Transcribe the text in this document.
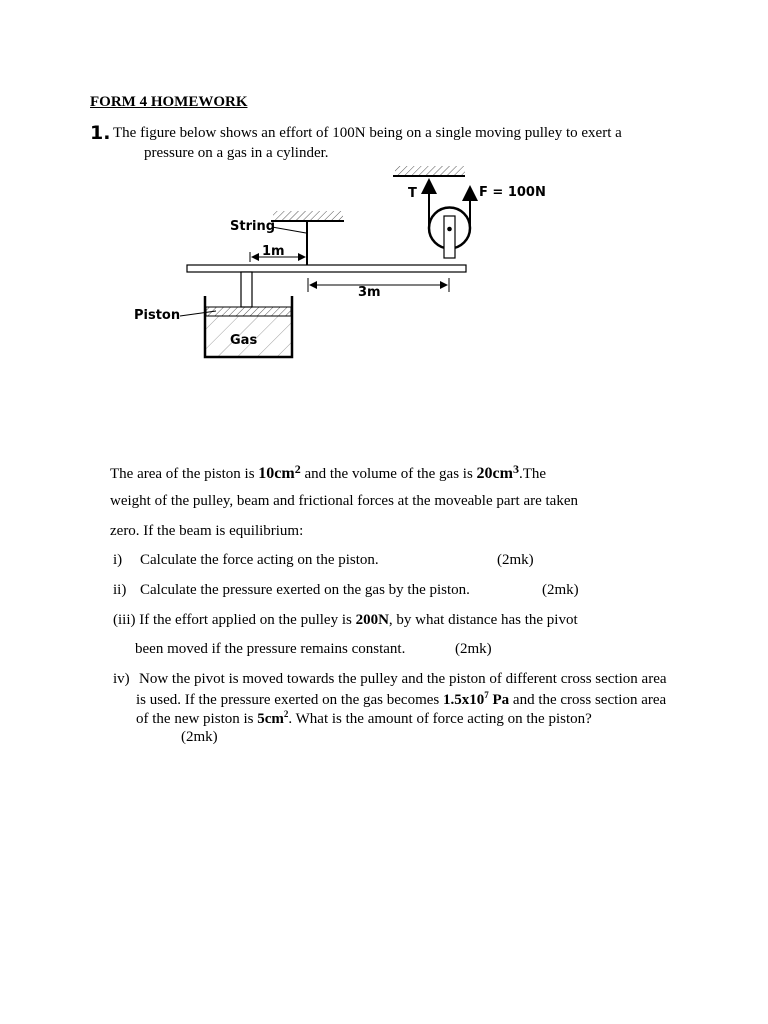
FORM 4 HOMEWORK
1. The figure below shows an effort of 100N being on a single moving pulley to exert a
pressure on a gas in a cylinder.
T	F = 100N
String
1m
3m
Piston
Gas
The area of the piston is $10cm^2$ and the volume of the gas is $20cm^3.The$
weight of the pulley, beam and frictional forces at the moveable part are taken
zero. If the beam is equilibrium:
i) Calculate the force acting on the piston.	(2mk)
ii) Calculate the pressure exerted on the gas by the piston.	(2mk)
(iii) If the effort applied on the pulley is 200N, by what distance has the pivot
been moved if the pressure remains constant.	(2mk)
iv) Now the pivot is moved towards the pulley and the piston of different cross section area
is used. If the pressure exerted on the gas becomes $1.5x10^7$ Pa and the cross section area
of the new piston is $5cm^2$. What is the amount of force acting on the piston?
(2mk)
